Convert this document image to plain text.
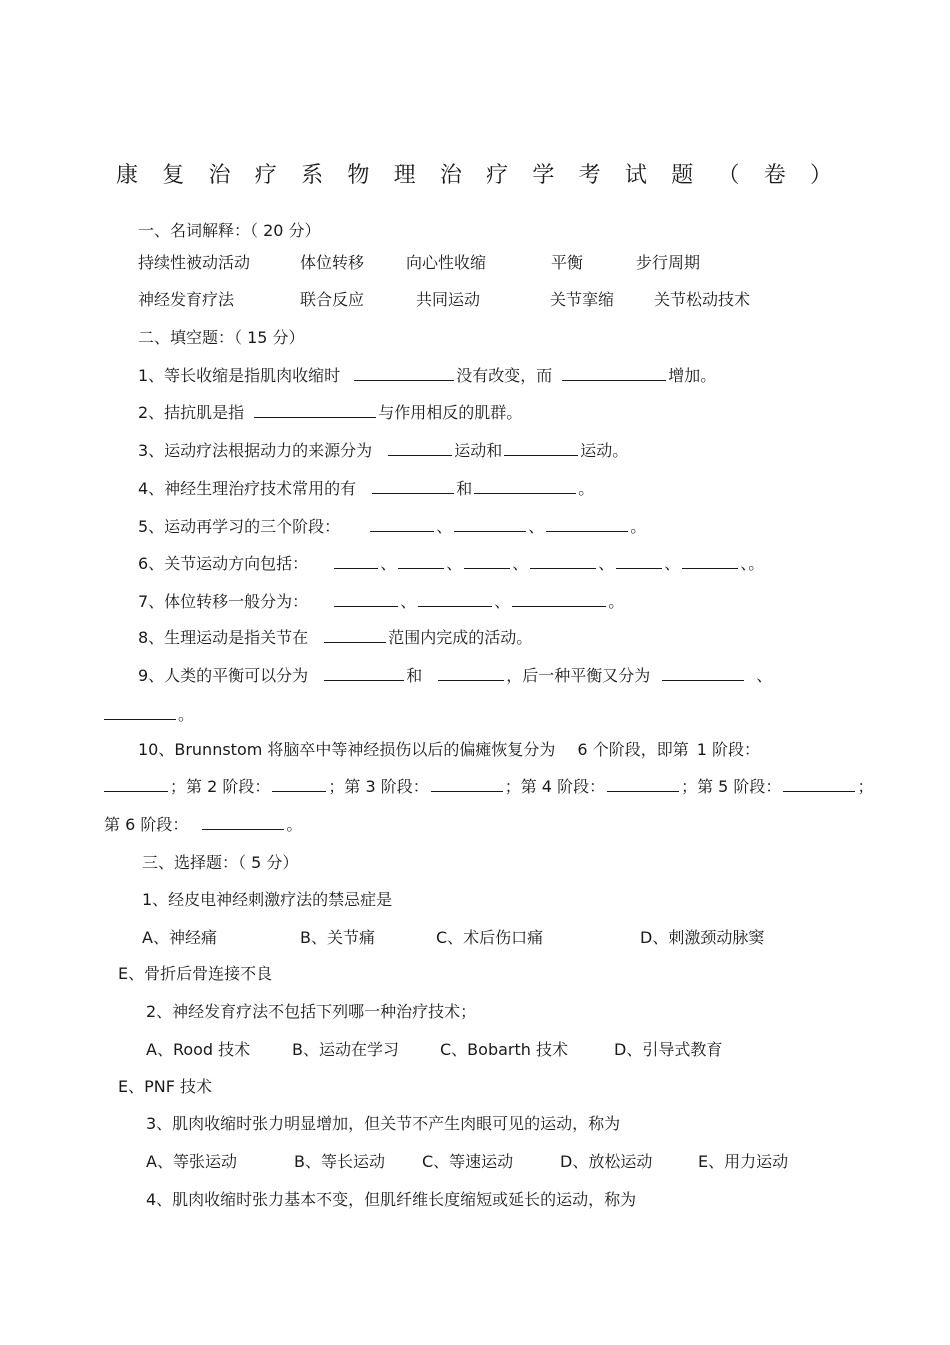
康 复 治 疗 系 物 理 治 疗 学 考 试 题 （ 卷 ）
一、名词解释：（ 20 分）
持续性被动活动	体位转移	向心性收缩	平衡	步行周期
神经发育疗法	联合反应	共同运动	关节挛缩 关节松动技术
二、填空题：（ 15 分）
1、等长收缩是指肌肉收缩时	没有改变，而	增加。
2、拮抗肌是指	与作用相反的肌群。
3、运动疗法根据动力的来源分为	运动和	运动。
4、神经生理治疗技术常用的有	和	。
5、运动再学习的三个阶段：	、	、	。
6、关节运动方向包括：	、	、	、	、	、	、。
7、体位转移一般分为：	、	、	。
8、生理运动是指关节在	范围内完成的活动。
9、人类的平衡可以分为	和	，后一种平衡又分为	、
。
10、Brunnstom 将脑卒中等神经损伤以后的偏瘫恢复分为 6 个阶段，即第 1 阶段：
；第 2 阶段：	；第 3 阶段：	；第 4 阶段：	；第 5 阶段：	；
第 6 阶段：	。
三、选择题：（ 5 分）
1、经皮电神经刺激疗法的禁忌症是
A、神经痛	B、关节痛	C、术后伤口痛	D、刺激颈动脉窦
E、骨折后骨连接不良
2、神经发育疗法不包括下列哪一种治疗技术；
A、Rood 技术	B、运动在学习	C、Bobarth 技术	D、引导式教育
E、PNF 技术
3、肌肉收缩时张力明显增加，但关节不产生肉眼可见的运动，称为
A、等张运动	B、等长运动 C、等速运动	D、放松运动	E、用力运动
4、肌肉收缩时张力基本不变，但肌纤维长度缩短或延长的运动，称为
